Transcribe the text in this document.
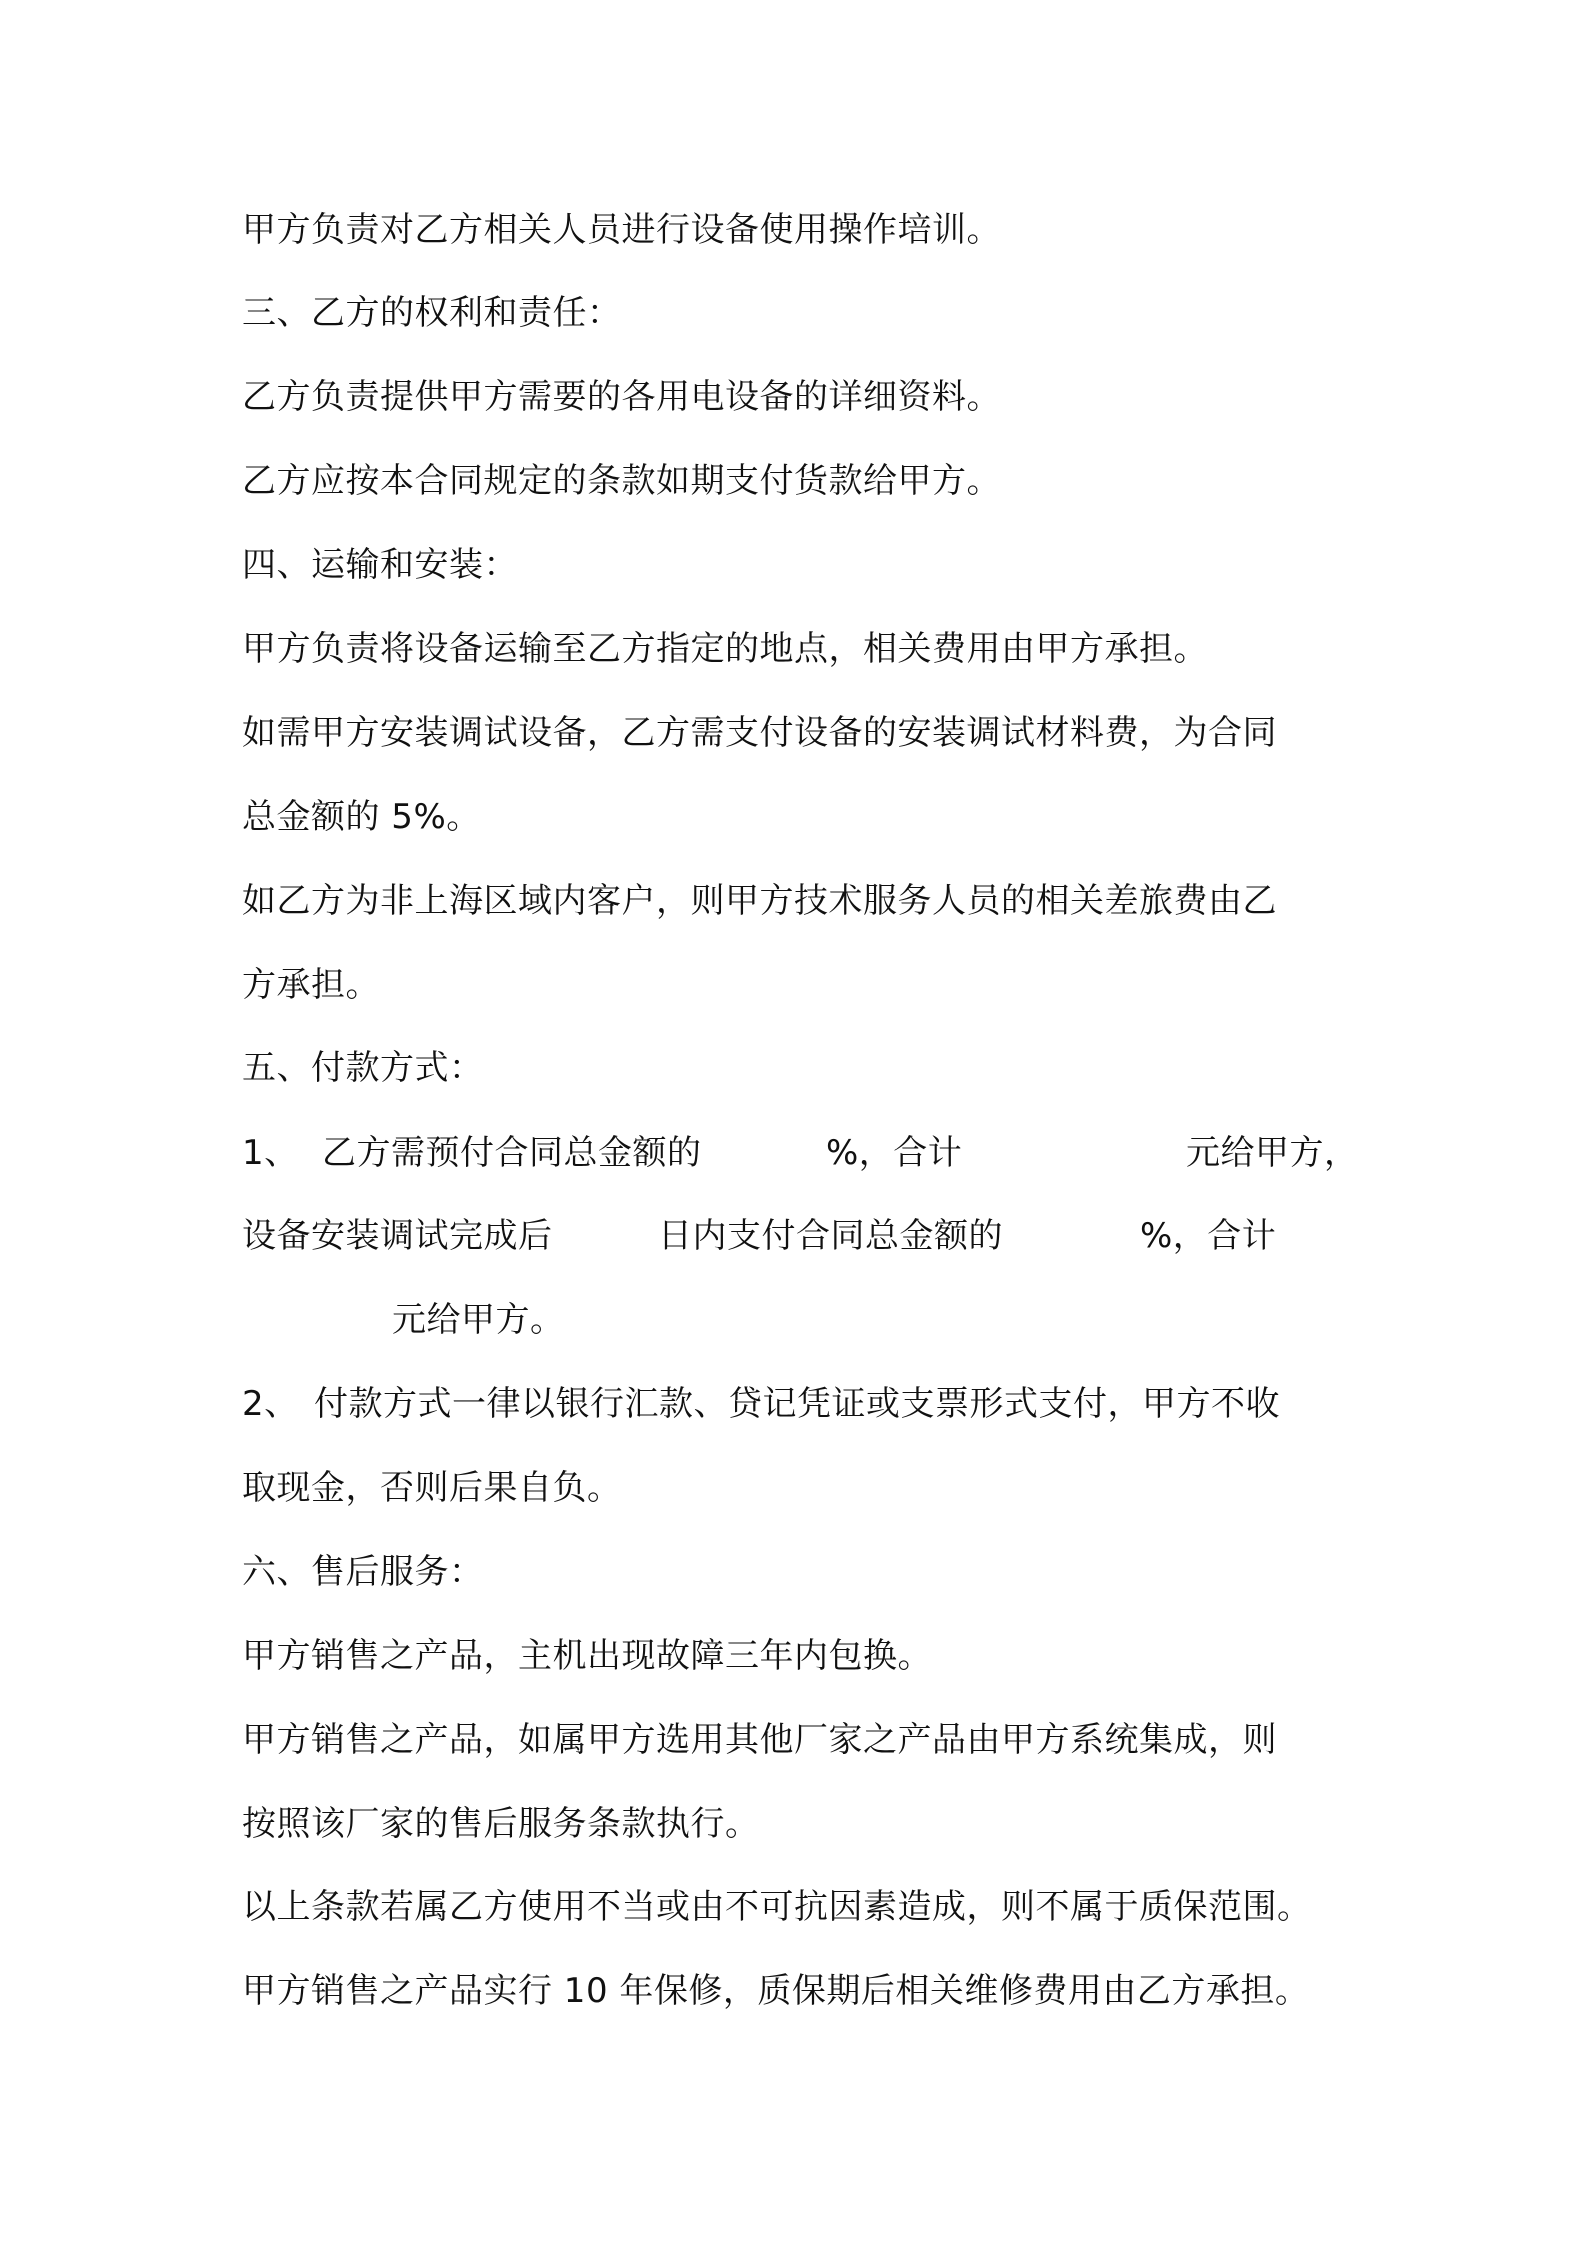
甲方负责对乙方相关人员进行设备使用操作培训。
三、乙方的权利和责任：
乙方负责提供甲方需要的各用电设备的详细资料。
乙方应按本合同规定的条款如期支付货款给甲方。
四、运输和安装：
甲方负责将设备运输至乙方指定的地点，相关费用由甲方承担。
如需甲方安装调试设备，乙方需支付设备的安装调试材料费，为合同
总金额的 5%。
如乙方为非上海区域内客户，则甲方技术服务人员的相关差旅费由乙
方承担。
五、付款方式：
1、 乙方需预付合同总金额的	%，合计	元给甲方，
设备安装调试完成后	日内支付合同总金额的	%，合计
元给甲方。
2、 付款方式一律以银行汇款、贷记凭证或支票形式支付，甲方不收
取现金，否则后果自负。
六、售后服务：
甲方销售之产品，主机出现故障三年内包换。
甲方销售之产品，如属甲方选用其他厂家之产品由甲方系统集成，则
按照该厂家的售后服务条款执行。
以上条款若属乙方使用不当或由不可抗因素造成，则不属于质保范围。
甲方销售之产品实行 10 年保修，质保期后相关维修费用由乙方承担。
